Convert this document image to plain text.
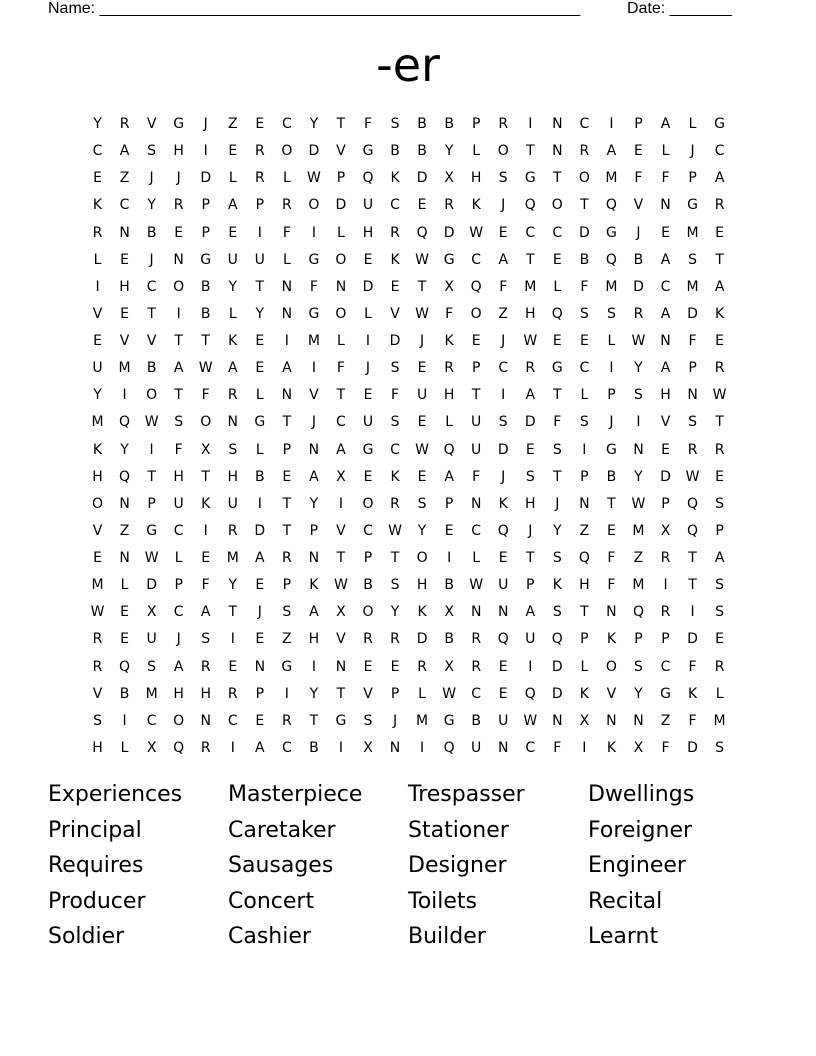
Name: ______________________________________________________	Date: _______
-er
Y	R	V	G	J	Z	E	C	Y	T	F	S	B	B	P	R	I	N	C	I	P	A	L	G
C	A	S	H	I	E	R	O	D	V	G	B	B	Y	L	O	T	N	R	A	E	L	J	C
E	Z	J	J	D	L	R	L	W	P	Q	K	D	X	H	S	G	T	O	M	F	F	P	A
K	C	Y	R	P	A	P	R	O	D	U	C	E	R	K	J	Q	O	T	Q	V	N	G	R
R	N	B	E	P	E	I	F	I	L	H	R	Q	D	W	E	C	C	D	G	J	E	M	E
L	E	J	N	G	U	U	L	G	O	E	K	W	G	C	A	T	E	B	Q	B	A	S	T
I	H	C	O	B	Y	T	N	F	N	D	E	T	X	Q	F	M	L	F	M	D	C	M	A
V	E	T	I	B	L	Y	N	G	O	L	V	W	F	O	Z	H	Q	S	S	R	A	D	K
E	V	V	T	T	K	E	I	M	L	I	D	J	K	E	J	W	E	E	L	W	N	F	E
U	M	B	A	W	A	E	A	I	F	J	S	E	R	P	C	R	G	C	I	Y	A	P	R
Y	I	O	T	F	R	L	N	V	T	E	F	U	H	T	I	A	T	L	P	S	H	N	W
M	Q	W	S	O	N	G	T	J	C	U	S	E	L	U	S	D	F	S	J	I	V	S	T
K	Y	I	F	X	S	L	P	N	A	G	C	W	Q	U	D	E	S	I	G	N	E	R	R
H	Q	T	H	T	H	B	E	A	X	E	K	E	A	F	J	S	T	P	B	Y	D	W	E
O	N	P	U	K	U	I	T	Y	I	O	R	S	P	N	K	H	J	N	T	W	P	Q	S
V	Z	G	C	I	R	D	T	P	V	C	W	Y	E	C	Q	J	Y	Z	E	M	X	Q	P
E	N	W	L	E	M	A	R	N	T	P	T	O	I	L	E	T	S	Q	F	Z	R	T	A
M	L	D	P	F	Y	E	P	K	W	B	S	H	B	W	U	P	K	H	F	M	I	T	S
W	E	X	C	A	T	J	S	A	X	O	Y	K	X	N	N	A	S	T	N	Q	R	I	S
R	E	U	J	S	I	E	Z	H	V	R	R	D	B	R	Q	U	Q	P	K	P	P	D	E
R	Q	S	A	R	E	N	G	I	N	E	E	R	X	R	E	I	D	L	O	S	C	F	R
V	B	M	H	H	R	P	I	Y	T	V	P	L	W	C	E	Q	D	K	V	Y	G	K	L
S	I	C	O	N	C	E	R	T	G	S	J	M	G	B	U	W	N	X	N	N	Z	F	M
H	L	X	Q	R	I	A	C	B	I	X	N	I	Q	U	N	C	F	I	K	X	F	D	S
Experiences	Masterpiece	Trespasser	Dwellings
Principal	Caretaker	Stationer	Foreigner
Requires	Sausages	Designer	Engineer
Producer	Concert	Toilets	Recital
Soldier	Cashier	Builder	Learnt
